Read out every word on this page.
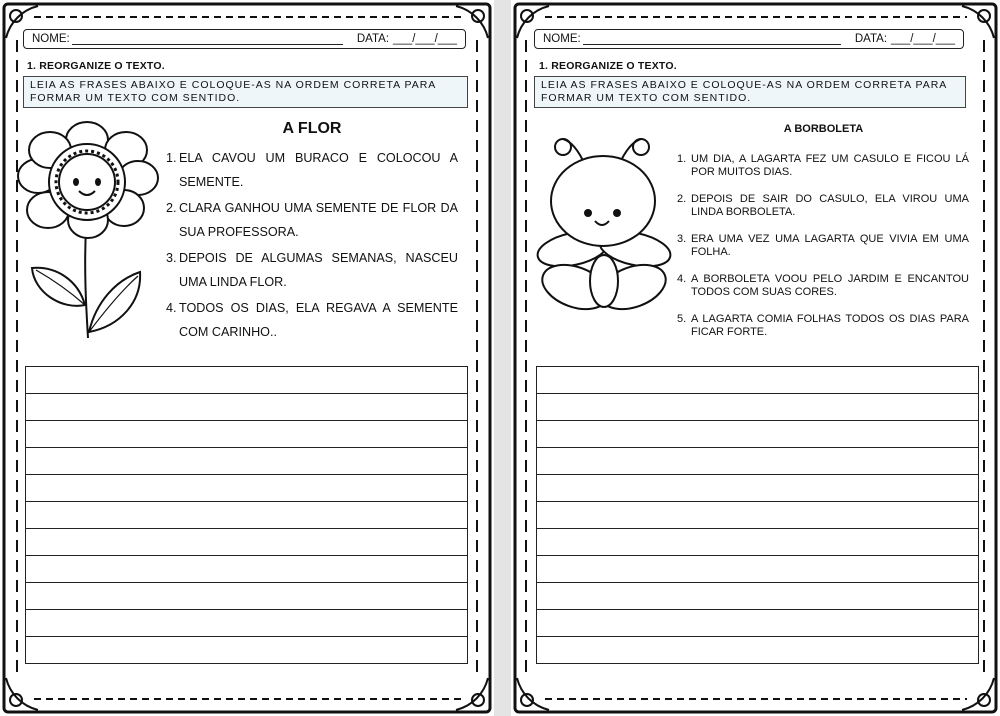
NOME:	DATA: ___/___/___
1. REORGANIZE O TEXTO.
LEIA AS FRASES ABAIXO E COLOQUE-AS NA ORDEM CORRETA PARA FORMAR UM TEXTO COM SENTIDO.
A FLOR
1. ELA CAVOU UM BURACO E COLOCOU A SEMENTE.
2. CLARA GANHOU UMA SEMENTE DE FLOR DA SUA PROFESSORA.
3. DEPOIS DE ALGUMAS SEMANAS, NASCEU UMA LINDA FLOR.
4. TODOS OS DIAS, ELA REGAVA A SEMENTE COM CARINHO..
NOME:	DATA: ___/___/___
1. REORGANIZE O TEXTO.
LEIA AS FRASES ABAIXO E COLOQUE-AS NA ORDEM CORRETA PARA FORMAR UM TEXTO COM SENTIDO.
A BORBOLETA
1. UM DIA, A LAGARTA FEZ UM CASULO E FICOU LÁ POR MUITOS DIAS.
2. DEPOIS DE SAIR DO CASULO, ELA VIROU UMA LINDA BORBOLETA.
3. ERA UMA VEZ UMA LAGARTA QUE VIVIA EM UMA FOLHA.
4. A BORBOLETA VOOU PELO JARDIM E ENCANTOU TODOS COM SUAS CORES.
5. A LAGARTA COMIA FOLHAS TODOS OS DIAS PARA FICAR FORTE.
